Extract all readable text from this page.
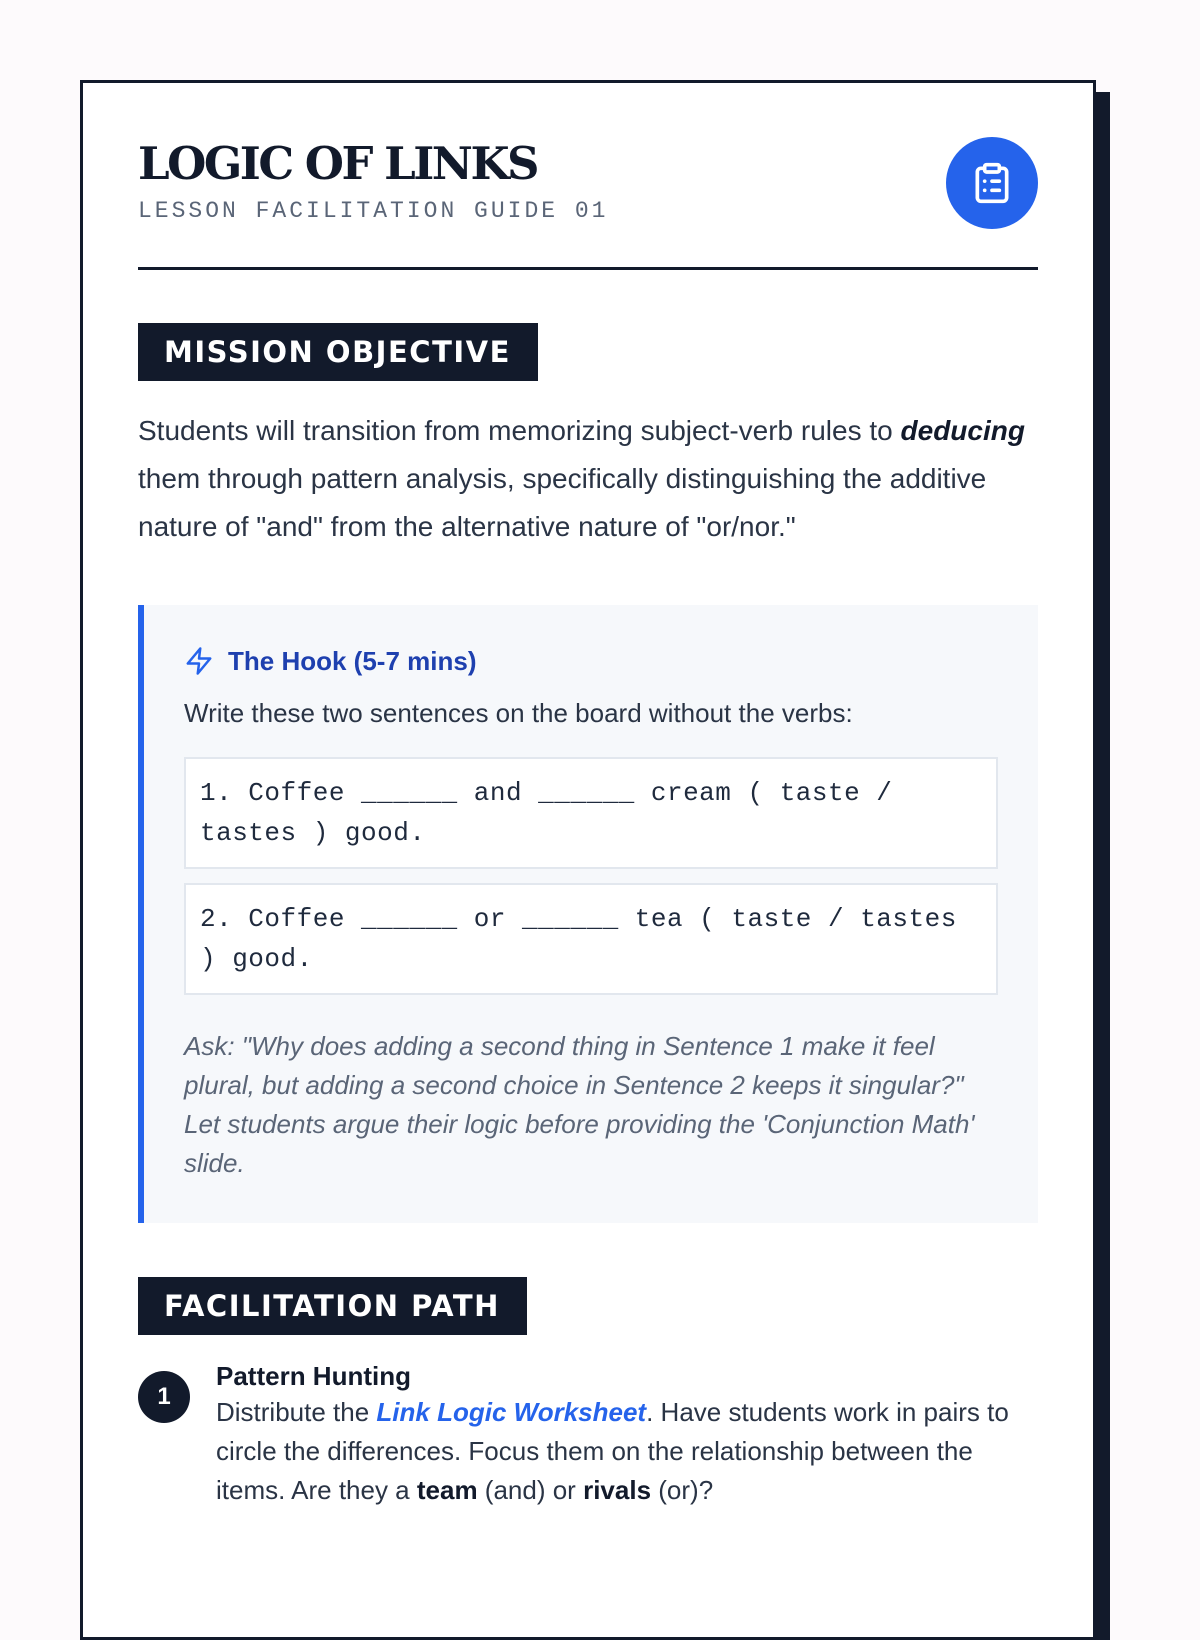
LOGIC OF LINKS
LESSON FACILITATION GUIDE 01
MISSION OBJECTIVE

Students will transition from memorizing subject-verb rules to deducing them through pattern analysis, specifically distinguishing the additive nature of "and" from the alternative nature of "or/nor."

The Hook (5-7 mins)
Write these two sentences on the board without the verbs:
1. Coffee ______ and ______ cream ( taste / tastes ) good.
2. Coffee ______ or ______ tea ( taste / tastes ) good.
Ask: "Why does adding a second thing in Sentence 1 make it feel plural, but adding a second choice in Sentence 2 keeps it singular?" Let students argue their logic before providing the 'Conjunction Math' slide.
FACILITATION PATH
1
Pattern Hunting
Distribute the Link Logic Worksheet. Have students work in pairs to circle the differences. Focus them on the relationship between the items. Are they a team (and) or rivals (or)?
